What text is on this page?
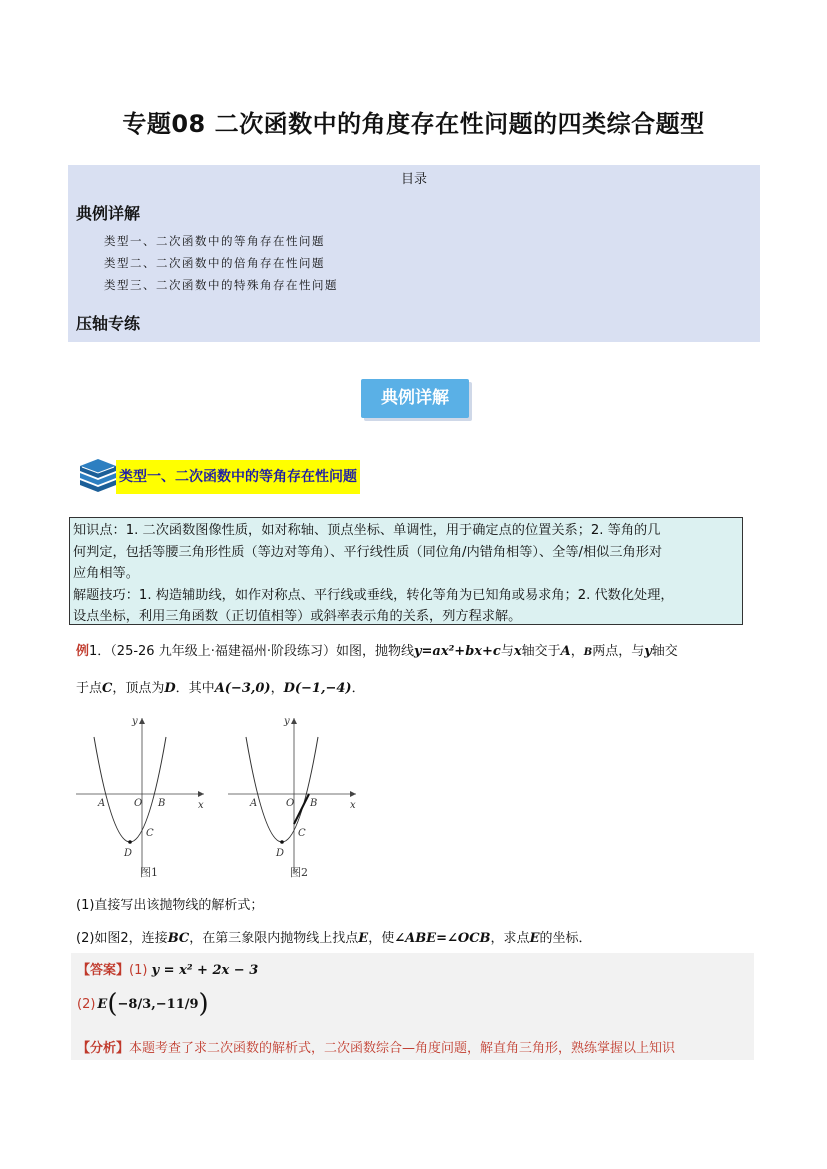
专题08 二次函数中的角度存在性问题的四类综合题型
目录
典例详解
类型一、二次函数中的等角存在性问题
类型二、二次函数中的倍角存在性问题
类型三、二次函数中的特殊角存在性问题
压轴专练
典例详解
类型一、二次函数中的等角存在性问题
知识点：1. 二次函数图像性质，如对称轴、顶点坐标、单调性，用于确定点的位置关系；2. 等角的几
何判定，包括等腰三角形性质（等边对等角）、平行线性质（同位角/内错角相等）、全等/相似三角形对
应角相等。
解题技巧：1. 构造辅助线，如作对称点、平行线或垂线，转化等角为已知角或易求角；2. 代数化处理，
设点坐标，利用三角函数（正切值相等）或斜率表示角的关系，列方程求解。
例1．（25-26 九年级上·福建福州·阶段练习）如图，抛物线y=ax²+bx+c与x轴交于A，B两点，与y轴交
于点C，顶点为D．其中A(−3,0)，D(−1,−4)．
y
x
A	O B
C
D
图1
y
x
A	O B
C
D
图2
(1)直接写出该抛物线的解析式；
(2)如图2，连接BC，在第三象限内抛物线上找点E，使∠ABE=∠OCB，求点E的坐标．
【答案】(1) y = x² + 2x − 3
(2) E ( −8/3 , −11/9 )
【分析】本题考查了求二次函数的解析式，二次函数综合—角度问题，解直角三角形，熟练掌握以上知识
